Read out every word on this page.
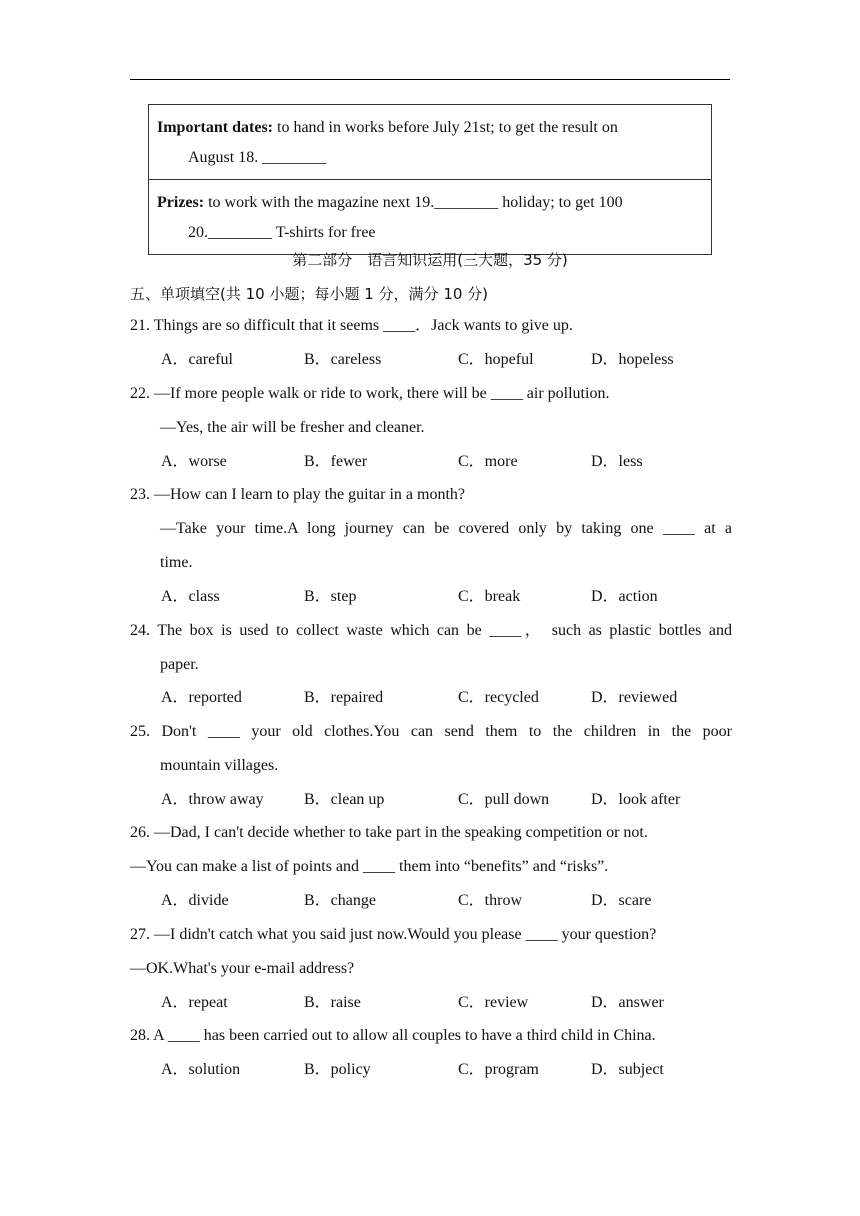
Important dates: to hand in works before July 21st; to get the result on
August 18. ________
Prizes: to work with the magazine next 19.________ holiday; to get 100
20.________ T-shirts for free
第二部分　语言知识运用(三大题，35 分)
五、单项填空(共 10 小题；每小题 1 分，满分 10 分)
21. Things are so difficult that it seems ____．Jack wants to give up.
A．careful	B．careless	C．hopeful	D．hopeless
22. —If more people walk or ride to work, there will be ____ air pollution.
—Yes, the air will be fresher and cleaner.
A．worse	B．fewer	C．more	D．less
23. —How can I learn to play the guitar in a month?
—Take your time.A long journey can be covered only by taking one ____ at a
time.
A．class	B．step	C．break	D．action
24. The box is used to collect waste which can be ____， such as plastic bottles and
paper.
A．reported	B．repaired	C．recycled	D．reviewed
25. Don't ____ your old clothes.You can send them to the children in the poor
mountain villages.
A．throw away	B．clean up	C．pull down	D．look after
26. —Dad, I can't decide whether to take part in the speaking competition or not.
—You can make a list of points and ____ them into “benefits” and “risks”.
A．divide	B．change	C．throw	D．scare
27. —I didn't catch what you said just now.Would you please ____ your question?
—OK.What's your e-mail address?
A．repeat	B．raise	C．review	D．answer
28. A ____ has been carried out to allow all couples to have a third child in China.
A．solution	B．policy	C．program	D．subject
